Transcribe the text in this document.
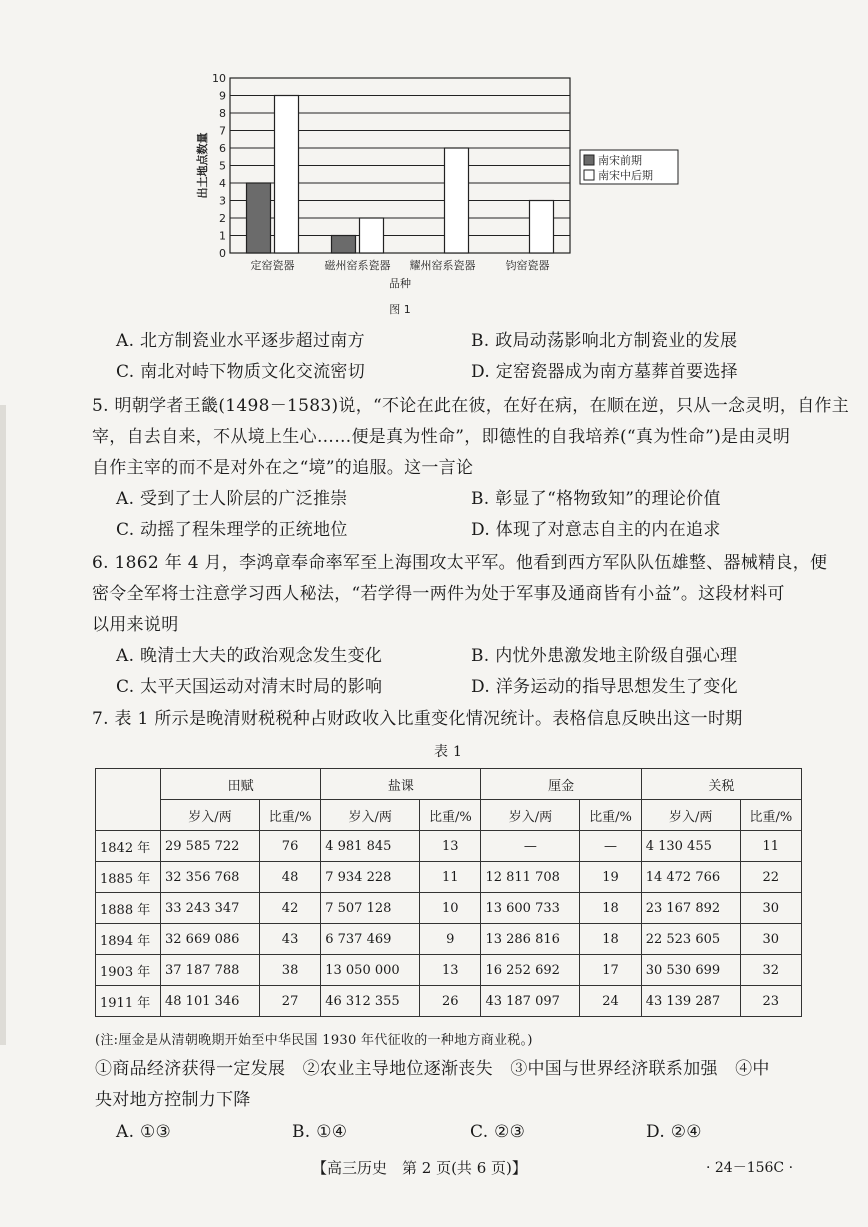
0
1
2
3
4
5
6
7
8
9
10
定窑瓷器	磁州窑系瓷器 耀州窑系瓷器	钧窑瓷器
出土地点数量
品种
图 1
南宋前期
南宋中后期
A. 北方制瓷业水平逐步超过南方	B. 政局动荡影响北方制瓷业的发展
C. 南北对峙下物质文化交流密切	D. 定窑瓷器成为南方墓葬首要选择
5. 明朝学者王畿(1498－1583)说，“不论在此在彼，在好在病，在顺在逆，只从一念灵明，自作主
宰，自去自来，不从境上生心……便是真为性命”，即德性的自我培养(“真为性命”)是由灵明
自作主宰的而不是对外在之“境”的追服。这一言论
A. 受到了士人阶层的广泛推崇	B. 彰显了“格物致知”的理论价值
C. 动摇了程朱理学的正统地位	D. 体现了对意志自主的内在追求
6. 1862 年 4 月，李鸿章奉命率军至上海围攻太平军。他看到西方军队队伍雄整、器械精良，便
密令全军将士注意学习西人秘法，“若学得一两件为处于军事及通商皆有小益”。这段材料可
以用来说明
A. 晚清士大夫的政治观念发生变化	B. 内忧外患激发地主阶级自强心理
C. 太平天国运动对清末时局的影响	D. 洋务运动的指导思想发生了变化
7. 表 1 所示是晚清财税税种占财政收入比重变化情况统计。表格信息反映出这一时期
表 1
	田赋		盐课		厘金		关税	
	岁入/两	比重/%	岁入/两	比重/%	岁入/两	比重/%	岁入/两	比重/%
1842 年	29 585 722	76	4 981 845	13	—	—	4 130 455	11
1885 年	32 356 768	48	7 934 228	11	12 811 708	19	14 472 766	22
1888 年	33 243 347	42	7 507 128	10	13 600 733	18	23 167 892	30
1894 年	32 669 086	43	6 737 469	9	13 286 816	18	22 523 605	30
1903 年	37 187 788	38	13 050 000	13	16 252 692	17	30 530 699	32
1911 年	48 101 346	27	46 312 355	26	43 187 097	24	43 139 287	23
(注:厘金是从清朝晚期开始至中华民国 1930 年代征收的一种地方商业税。)
①商品经济获得一定发展　②农业主导地位逐渐丧失　③中国与世界经济联系加强　④中
央对地方控制力下降
A. ①③	B. ①④	C. ②③	D. ②④
【高三历史　第 2 页(共 6 页)】	· 24－156C ·
